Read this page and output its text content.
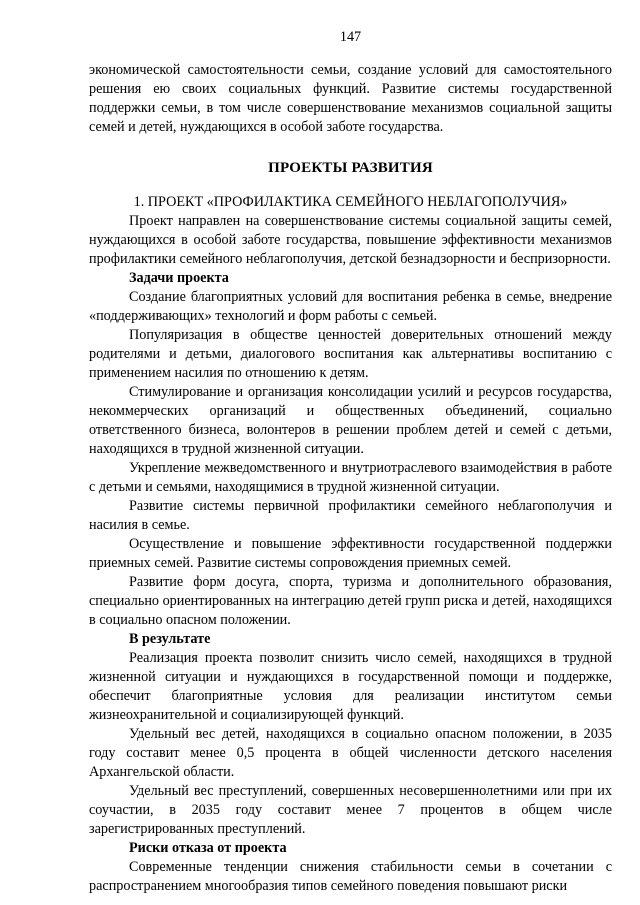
147

экономической самостоятельности семьи, создание условий для самостоятельного решения ею своих социальных функций. Развитие системы государственной поддержки семьи, в том числе совершенствование механизмов социальной защиты семей и детей, нуждающихся в особой заботе государства.

ПРОЕКТЫ РАЗВИТИЯ

1. ПРОЕКТ «ПРОФИЛАКТИКА СЕМЕЙНОГО НЕБЛАГОПОЛУЧИЯ»

Проект направлен на совершенствование системы социальной защиты семей, нуждающихся в особой заботе государства, повышение эффективности механизмов профилактики семейного неблагополучия, детской безнадзорности и беспризорности.

Задачи проекта

Создание благоприятных условий для воспитания ребенка в семье, внедрение «поддерживающих» технологий и форм работы с семьей.

Популяризация в обществе ценностей доверительных отношений между родителями и детьми, диалогового воспитания как альтернативы воспитанию с применением насилия по отношению к детям.

Стимулирование и организация консолидации усилий и ресурсов государства, некоммерческих организаций и общественных объединений, социально ответственного бизнеса, волонтеров в решении проблем детей и семей с детьми, находящихся в трудной жизненной ситуации.

Укрепление межведомственного и внутриотраслевого взаимодействия в работе с детьми и семьями, находящимися в трудной жизненной ситуации.

Развитие системы первичной профилактики семейного неблагополучия и насилия в семье.

Осуществление и повышение эффективности государственной поддержки приемных семей. Развитие системы сопровождения приемных семей.

Развитие форм досуга, спорта, туризма и дополнительного образования, специально ориентированных на интеграцию детей групп риска и детей, находящихся в социально опасном положении.

В результате

Реализация проекта позволит снизить число семей, находящихся в трудной жизненной ситуации и нуждающихся в государственной помощи и поддержке, обеспечит благоприятные условия для реализации институтом семьи жизнеохранительной и социализирующей функций.

Удельный вес детей, находящихся в социально опасном положении, в 2035 году составит менее 0,5 процента в общей численности детского населения Архангельской области.

Удельный вес преступлений, совершенных несовершеннолетними или при их соучастии, в 2035 году составит менее 7 процентов в общем числе зарегистрированных преступлений.

Риски отказа от проекта

Современные тенденции снижения стабильности семьи в сочетании с распространением многообразия типов семейного поведения повышают риски
